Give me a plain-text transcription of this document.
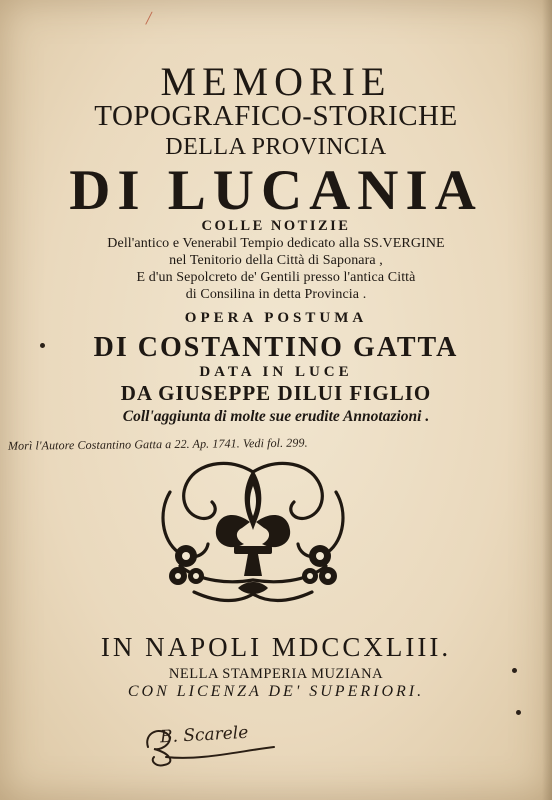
/
MEMORIE
TOPOGRAFICO-STORICHE
DELLA PROVINCIA
DI LUCANIA
COLLE NOTIZIE
Dell'antico e Venerabil Tempio dedicato alla SS.VERGINE
nel Tenitorio della Città di Saponara ,
E d'un Sepolcreto de' Gentili presso l'antica Città
di Consilina in detta Provincia .
OPERA POSTUMA
DI COSTANTINO GATTA
DATA IN LUCE
DA GIUSEPPE DILUI FIGLIO
Coll'aggiunta di molte sue erudite Annotazioni .
Morì l'Autore Costantino Gatta a 22. Ap. 1741. Vedi fol. 299.
IN NAPOLI MDCCXLIII.
NELLA STAMPERIA MUZIANA
CON LICENZA DE' SUPERIORI.
B. Scarele
